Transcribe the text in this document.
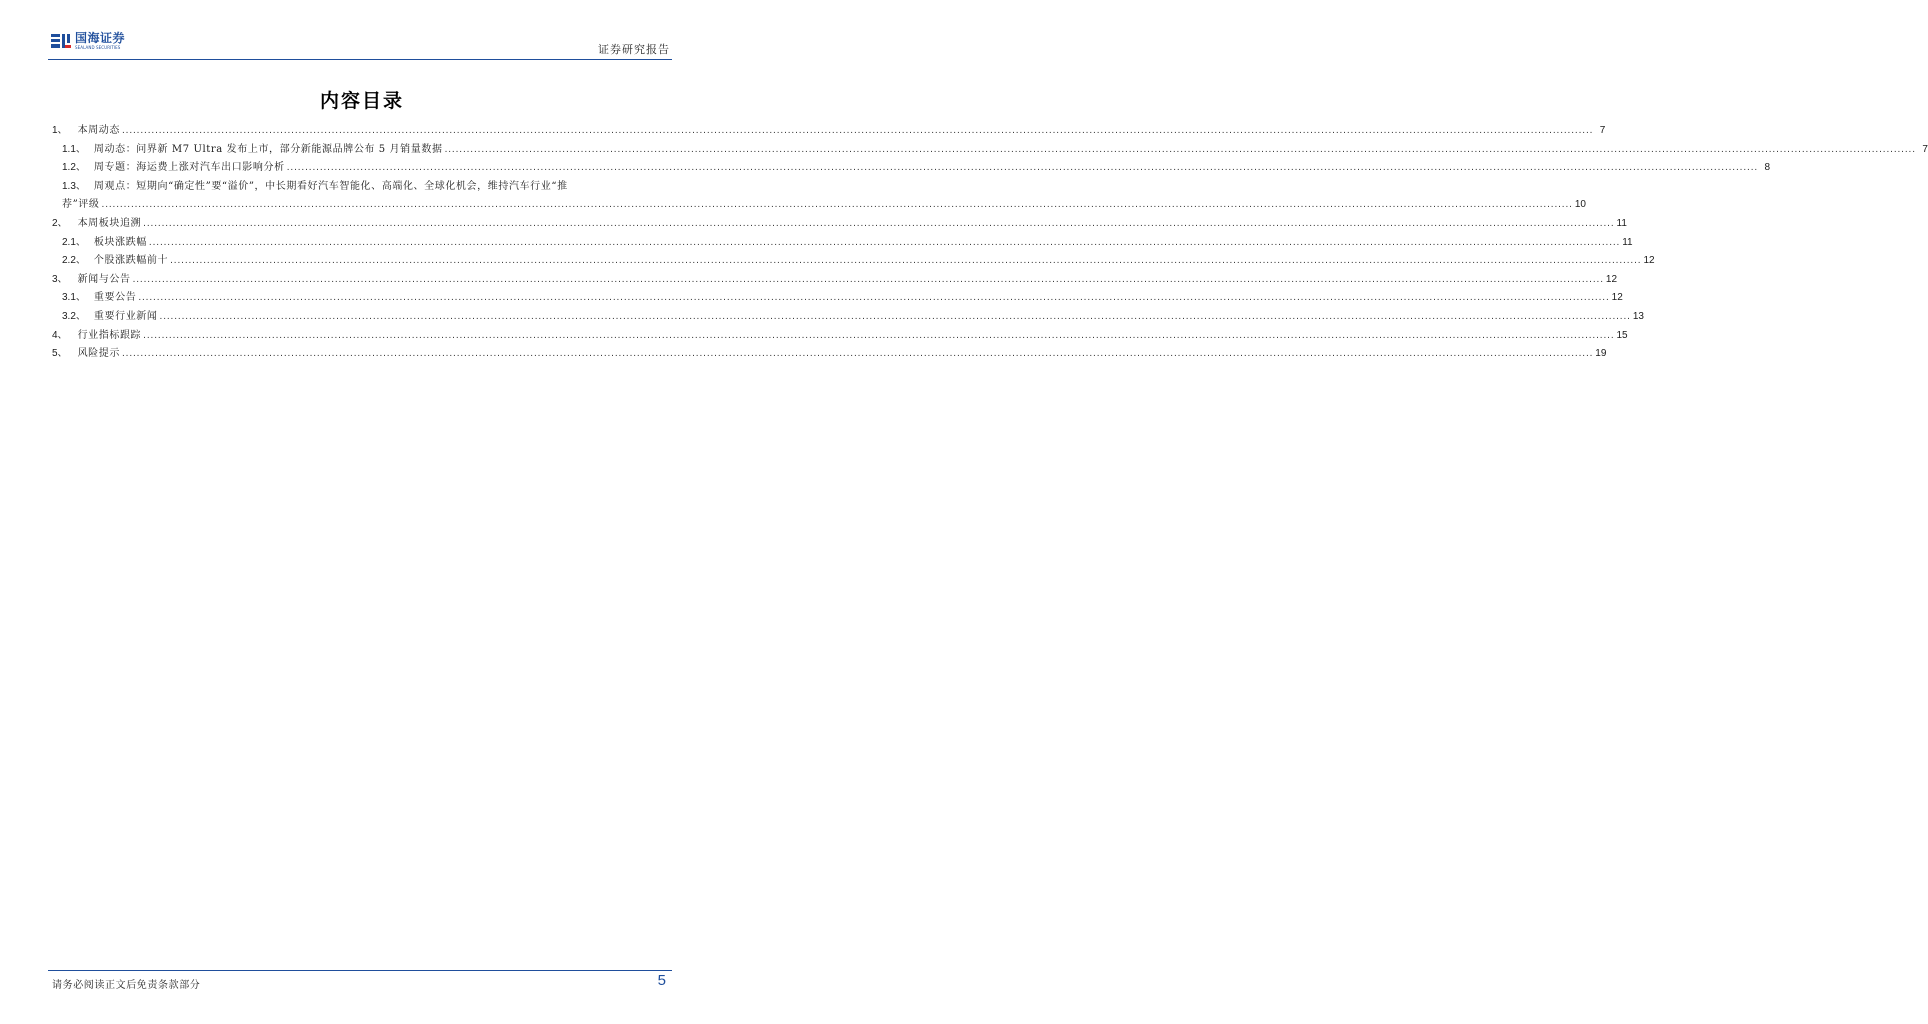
国海证券
SEALAND SECURITIES	证券研究报告
内容目录
1、 本周动态 ................................................................................................................................................................................................................................................................................................................................................................................................................ 7
1.1、 周动态：问界新 M7 Ultra 发布上市，部分新能源品牌公布 5 月销量数据 ................................................................................................................................................................................................................................................................................................................................................................................................................ 7
1.2、 周专题：海运费上涨对汽车出口影响分析 ................................................................................................................................................................................................................................................................................................................................................................................................................ 8
1.3、 周观点：短期向“确定性”要“溢价”，中长期看好汽车智能化、高端化、全球化机会，维持汽车行业“推
荐”评级 ................................................................................................................................................................................................................................................................................................................................................................................................................ 10
2、 本周板块追溯 ................................................................................................................................................................................................................................................................................................................................................................................................................ 11
2.1、 板块涨跌幅 ................................................................................................................................................................................................................................................................................................................................................................................................................ 11
2.2、 个股涨跌幅前十 ................................................................................................................................................................................................................................................................................................................................................................................................................ 12
3、 新闻与公告 ................................................................................................................................................................................................................................................................................................................................................................................................................ 12
3.1、 重要公告 ................................................................................................................................................................................................................................................................................................................................................................................................................ 12
3.2、 重要行业新闻 ................................................................................................................................................................................................................................................................................................................................................................................................................ 13
4、 行业指标跟踪 ................................................................................................................................................................................................................................................................................................................................................................................................................ 15
5、 风险提示 ................................................................................................................................................................................................................................................................................................................................................................................................................ 19
请务必阅读正文后免责条款部分	5
